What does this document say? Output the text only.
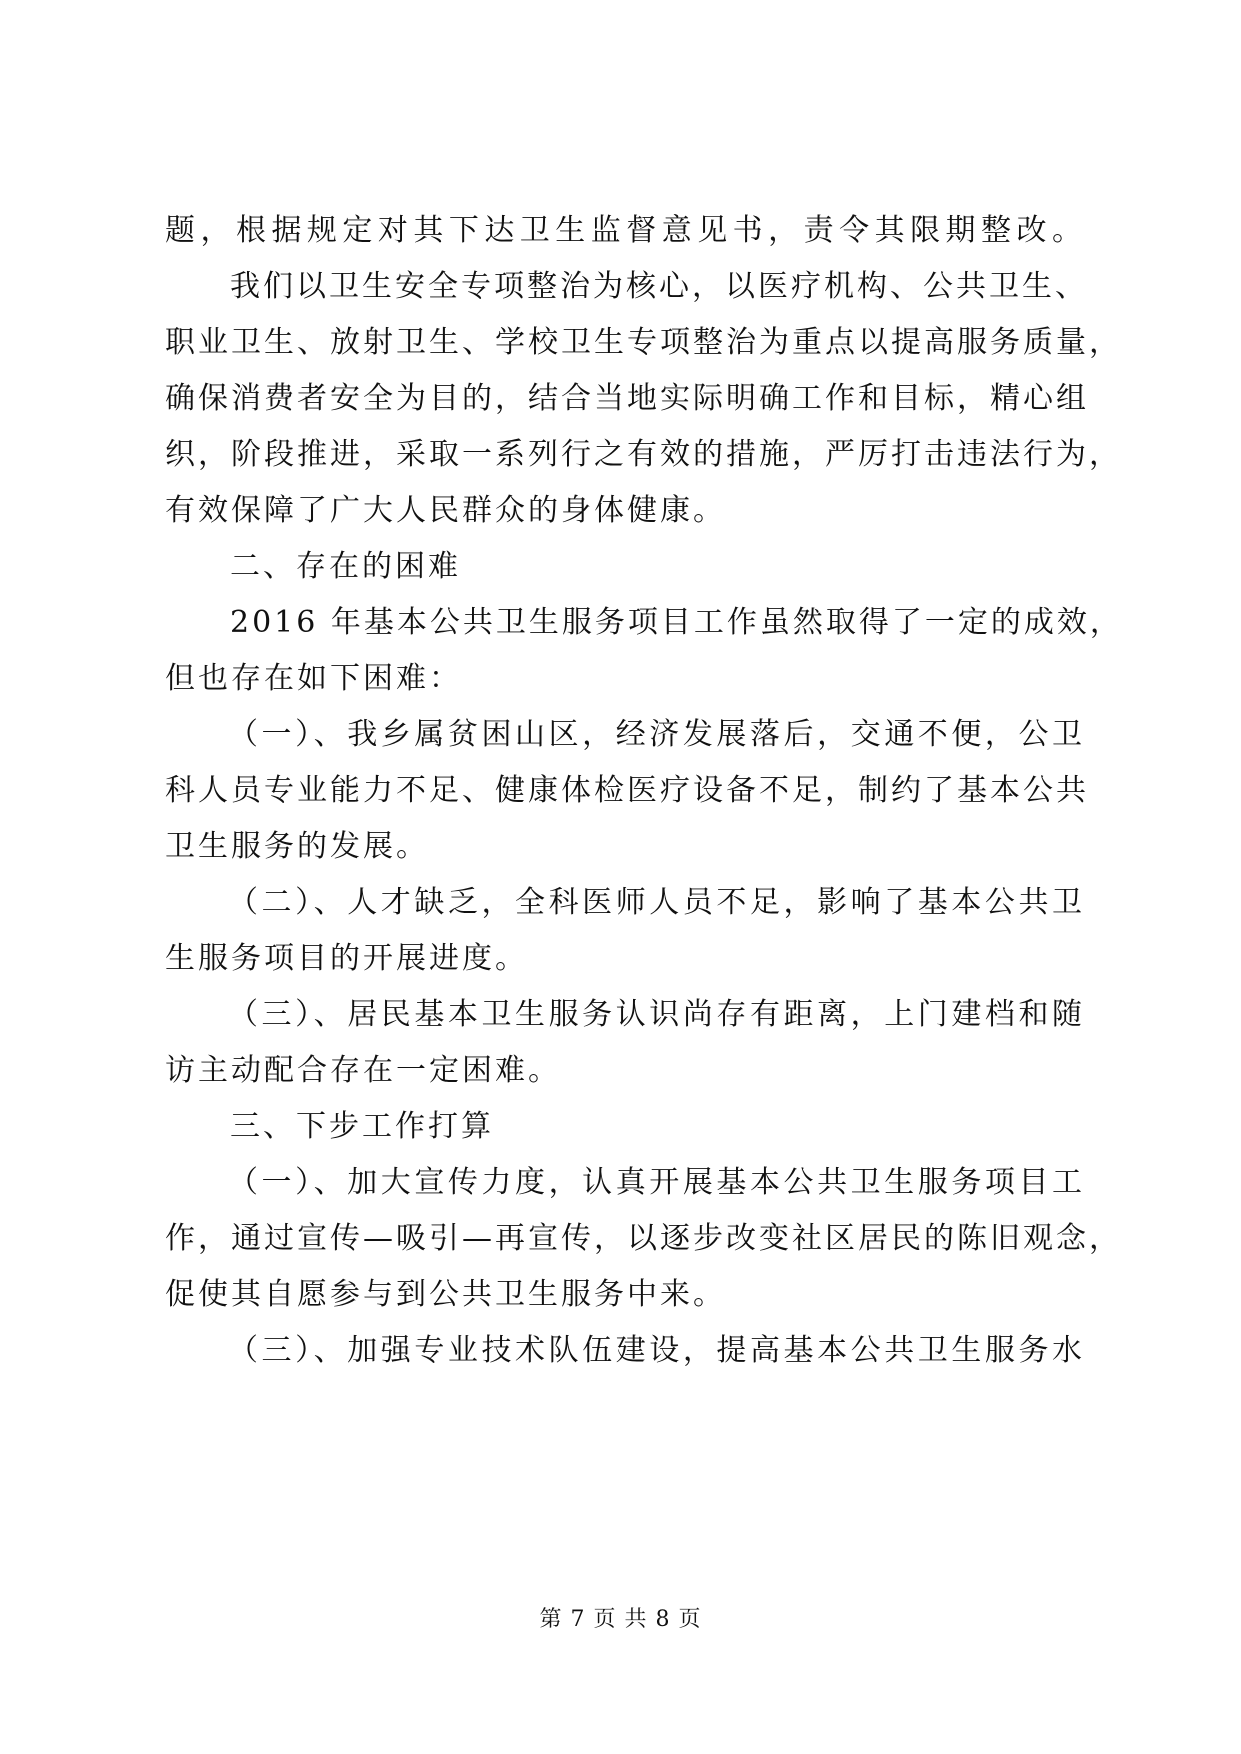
题，根据规定对其下达卫生监督意见书，责令其限期整改。
我们以卫生安全专项整治为核心，以医疗机构、公共卫生、
职业卫生、放射卫生、学校卫生专项整治为重点以提高服务质量，
确保消费者安全为目的，结合当地实际明确工作和目标，精心组
织，阶段推进，采取一系列行之有效的措施，严厉打击违法行为，
有效保障了广大人民群众的身体健康。
二、存在的困难
2016 年基本公共卫生服务项目工作虽然取得了一定的成效，
但也存在如下困难：
（一）、我乡属贫困山区，经济发展落后，交通不便，公卫
科人员专业能力不足、健康体检医疗设备不足，制约了基本公共
卫生服务的发展。
（二）、人才缺乏，全科医师人员不足，影响了基本公共卫
生服务项目的开展进度。
（三）、居民基本卫生服务认识尚存有距离，上门建档和随
访主动配合存在一定困难。
三、下步工作打算
（一）、加大宣传力度，认真开展基本公共卫生服务项目工
作，通过宣传—吸引—再宣传，以逐步改变社区居民的陈旧观念，
促使其自愿参与到公共卫生服务中来。
（三）、加强专业技术队伍建设，提高基本公共卫生服务水
第 7 页 共 8 页
